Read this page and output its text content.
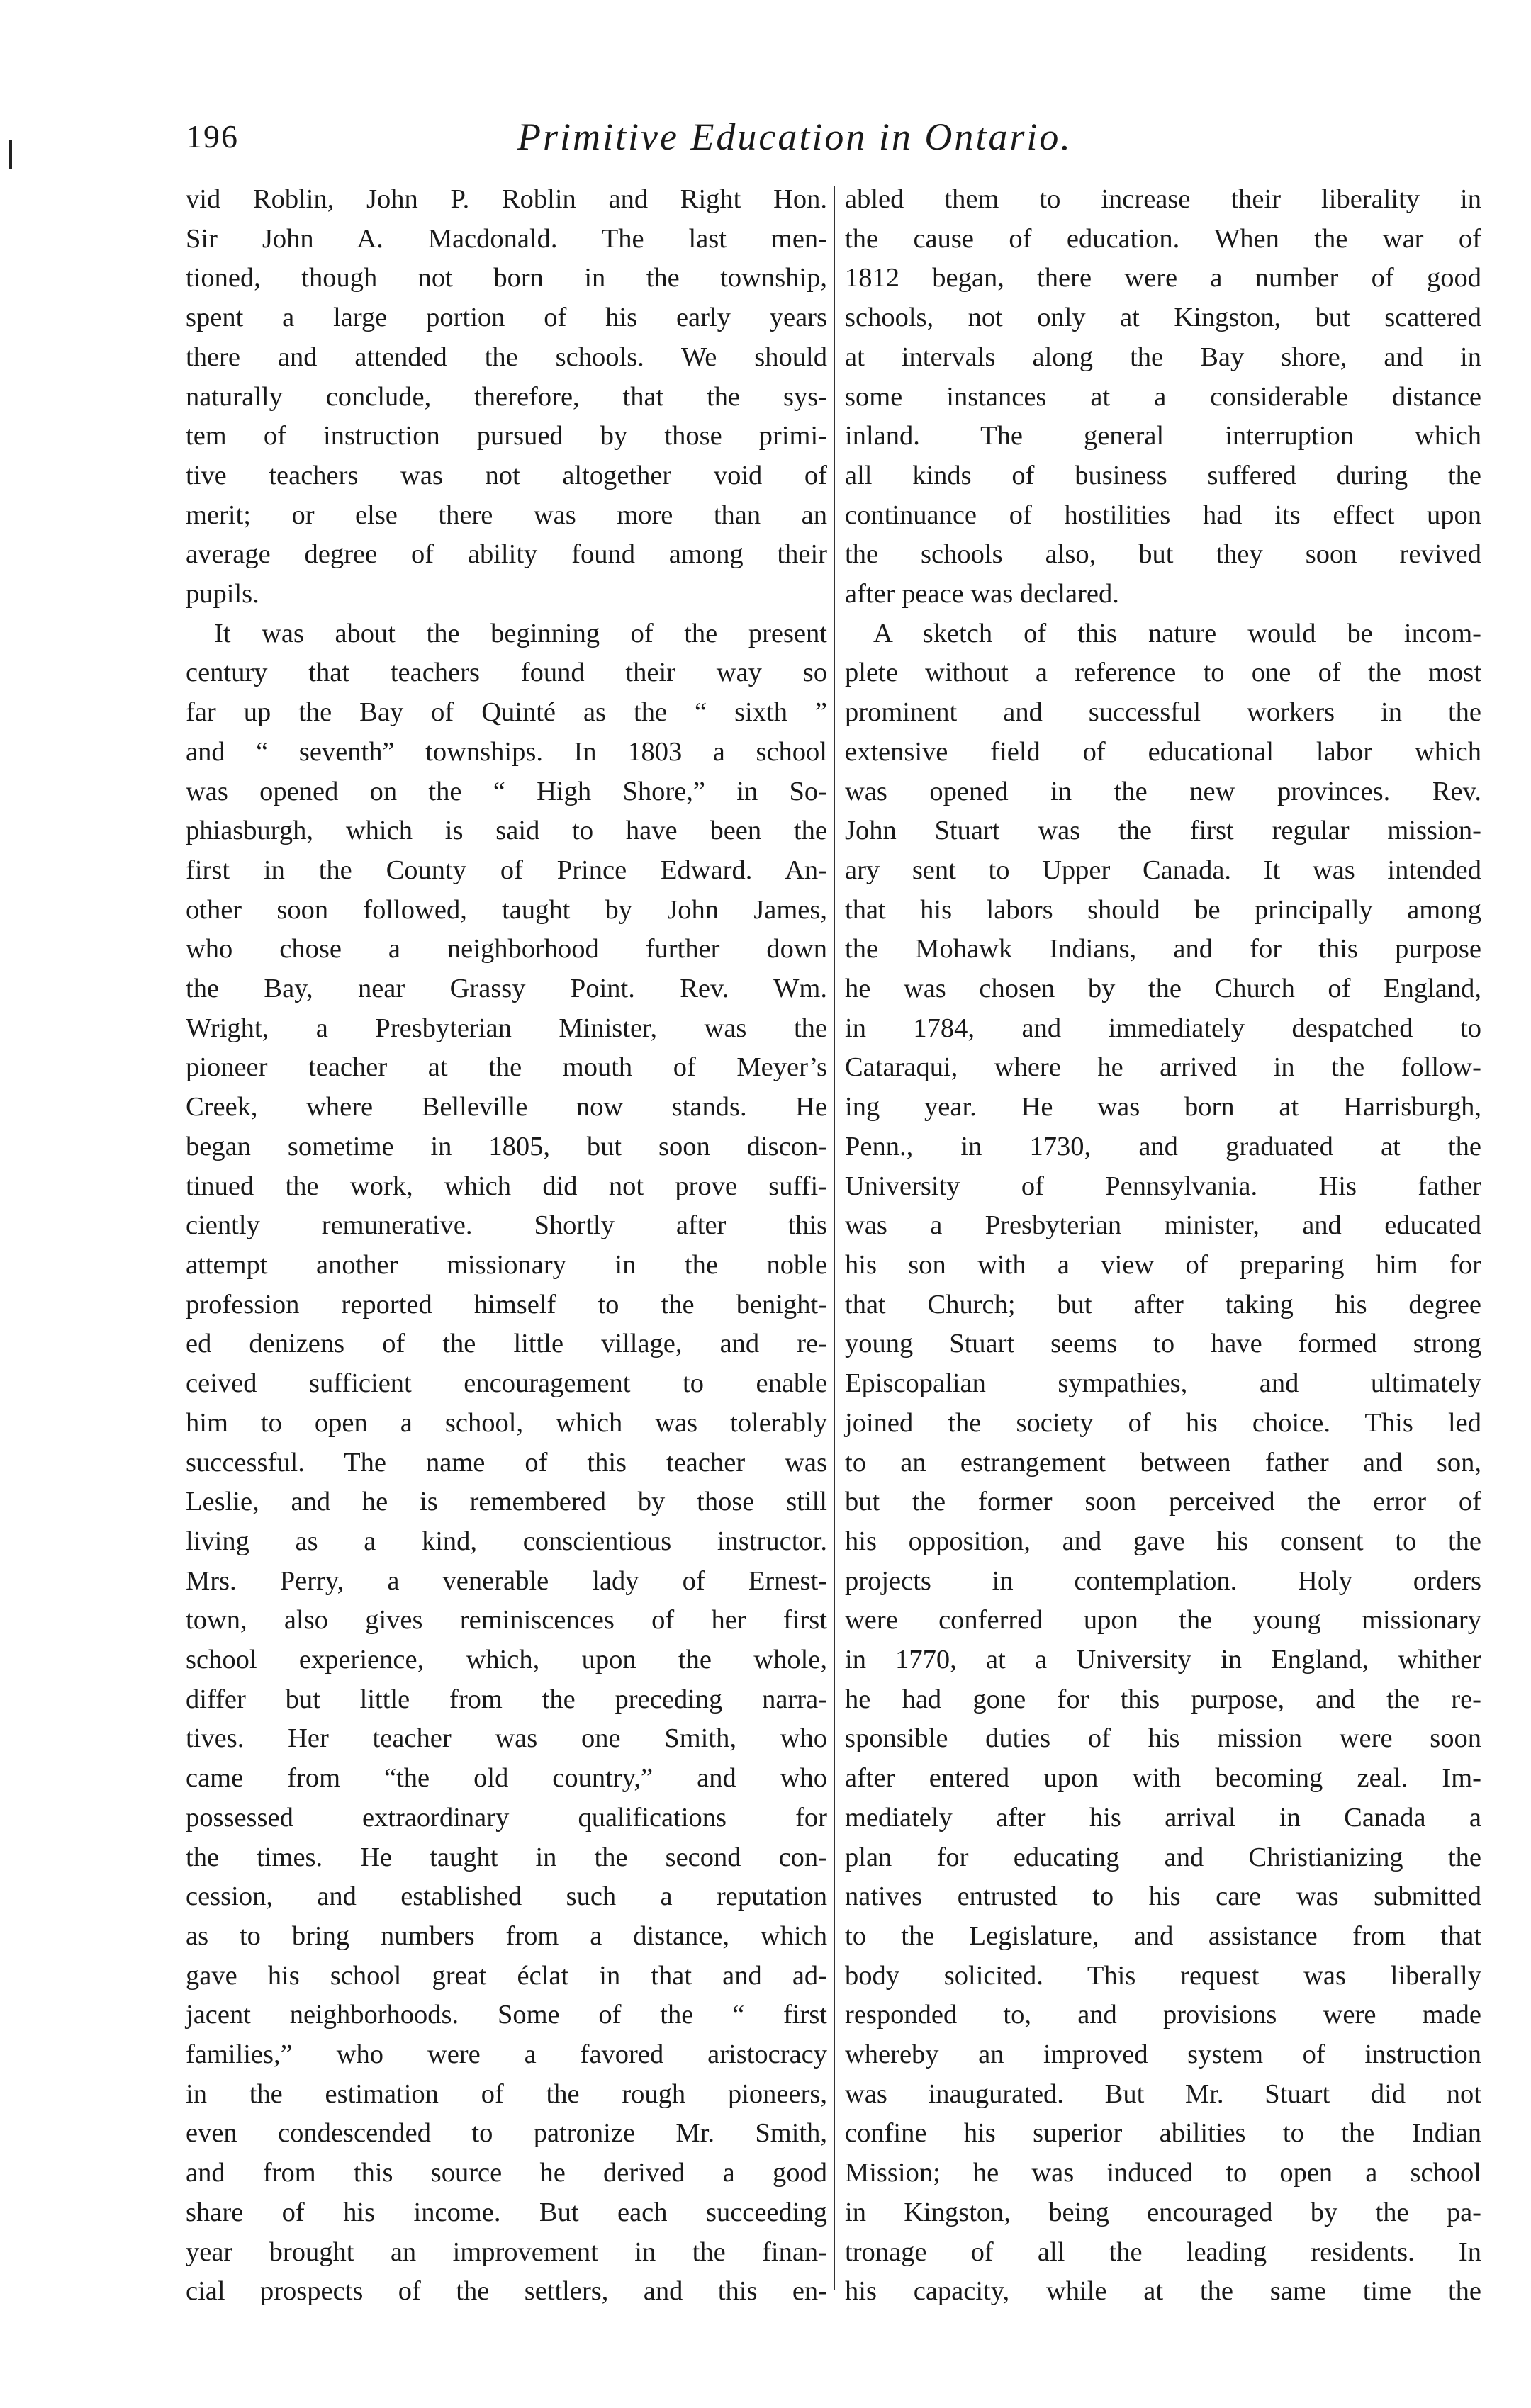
196	Primitive Education in Ontario.
vid Roblin, John P. Roblin and Right Hon.
Sir John A. Macdonald. The last men-
tioned, though not born in the township,
spent a large portion of his early years
there and attended the schools. We should
naturally conclude, therefore, that the sys-
tem of instruction pursued by those primi-
tive teachers was not altogether void of
merit; or else there was more than an
average degree of ability found among their
pupils.
It was about the beginning of the present
century that teachers found their way so
far up the Bay of Quinté as the “ sixth ”
and “ seventh” townships. In 1803 a school
was opened on the “ High Shore,” in So-
phiasburgh, which is said to have been the
first in the County of Prince Edward. An-
other soon followed, taught by John James,
who chose a neighborhood further down
the Bay, near Grassy Point. Rev. Wm.
Wright, a Presbyterian Minister, was the
pioneer teacher at the mouth of Meyer’s
Creek, where Belleville now stands. He
began sometime in 1805, but soon discon-
tinued the work, which did not prove suffi-
ciently remunerative. Shortly after this
attempt another missionary in the noble
profession reported himself to the benight-
ed denizens of the little village, and re-
ceived sufficient encouragement to enable
him to open a school, which was tolerably
successful. The name of this teacher was
Leslie, and he is remembered by those still
living as a kind, conscientious instructor.
Mrs. Perry, a venerable lady of Ernest-
town, also gives reminiscences of her first
school experience, which, upon the whole,
differ but little from the preceding narra-
tives. Her teacher was one Smith, who
came from “the old country,” and who
possessed extraordinary qualifications for
the times. He taught in the second con-
cession, and established such a reputation
as to bring numbers from a distance, which
gave his school great éclat in that and ad-
jacent neighborhoods. Some of the “ first
families,” who were a favored aristocracy
in the estimation of the rough pioneers,
even condescended to patronize Mr. Smith,
and from this source he derived a good
share of his income. But each succeeding
year brought an improvement in the finan-
cial prospects of the settlers, and this en-
abled them to increase their liberality in
the cause of education. When the war of
1812 began, there were a number of good
schools, not only at Kingston, but scattered
at intervals along the Bay shore, and in
some instances at a considerable distance
inland. The general interruption which
all kinds of business suffered during the
continuance of hostilities had its effect upon
the schools also, but they soon revived
after peace was declared.
A sketch of this nature would be incom-
plete without a reference to one of the most
prominent and successful workers in the
extensive field of educational labor which
was opened in the new provinces. Rev.
John Stuart was the first regular mission-
ary sent to Upper Canada. It was intended
that his labors should be principally among
the Mohawk Indians, and for this purpose
he was chosen by the Church of England,
in 1784, and immediately despatched to
Cataraqui, where he arrived in the follow-
ing year. He was born at Harrisburgh,
Penn., in 1730, and graduated at the
University of Pennsylvania. His father
was a Presbyterian minister, and educated
his son with a view of preparing him for
that Church; but after taking his degree
young Stuart seems to have formed strong
Episcopalian sympathies, and ultimately
joined the society of his choice. This led
to an estrangement between father and son,
but the former soon perceived the error of
his opposition, and gave his consent to the
projects in contemplation. Holy orders
were conferred upon the young missionary
in 1770, at a University in England, whither
he had gone for this purpose, and the re-
sponsible duties of his mission were soon
after entered upon with becoming zeal. Im-
mediately after his arrival in Canada a
plan for educating and Christianizing the
natives entrusted to his care was submitted
to the Legislature, and assistance from that
body solicited. This request was liberally
responded to, and provisions were made
whereby an improved system of instruction
was inaugurated. But Mr. Stuart did not
confine his superior abilities to the Indian
Mission; he was induced to open a school
in Kingston, being encouraged by the pa-
tronage of all the leading residents. In
his capacity, while at the same time the
